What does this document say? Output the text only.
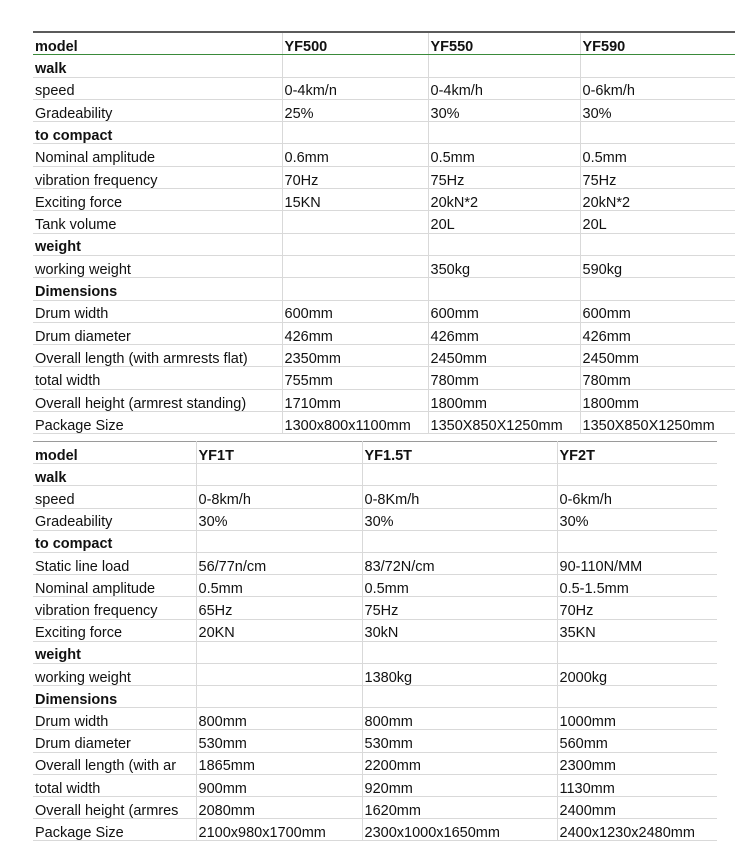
model	YF500	YF550	YF590
walk			
speed	0-4km/n	0-4km/h	0-6km/h
Gradeability	25%	30%	30%
to compact			
Nominal amplitude	0.6mm	0.5mm	0.5mm
vibration frequency	70Hz	75Hz	75Hz
Exciting force	15KN	20kN*2	20kN*2
Tank volume		20L	20L
weight			
working weight		350kg	590kg
Dimensions			
Drum width	600mm	600mm	600mm
Drum diameter	426mm	426mm	426mm
Overall length (with armrests flat)	2350mm	2450mm	2450mm
total width	755mm	780mm	780mm
Overall height (armrest standing)	1710mm	1800mm	1800mm
Package Size	1300x800x1100mm	1350X850X1250mm	1350X850X1250mm
model	YF1T	YF1.5T	YF2T
walk			
speed	0-8km/h	0-8Km/h	0-6km/h
Gradeability	30%	30%	30%
to compact			
Static line load	56/77n/cm	83/72N/cm	90-110N/MM
Nominal amplitude	0.5mm	0.5mm	0.5-1.5mm
vibration frequency	65Hz	75Hz	70Hz
Exciting force	20KN	30kN	35KN
weight			
working weight		1380kg	2000kg
Dimensions			
Drum width	800mm	800mm	1000mm
Drum diameter	530mm	530mm	560mm
Overall length (with ar	1865mm	2200mm	2300mm
total width	900mm	920mm	1130mm
Overall height (armres	2080mm	1620mm	2400mm
Package Size	2100x980x1700mm	2300x1000x1650mm	2400x1230x2480mm
